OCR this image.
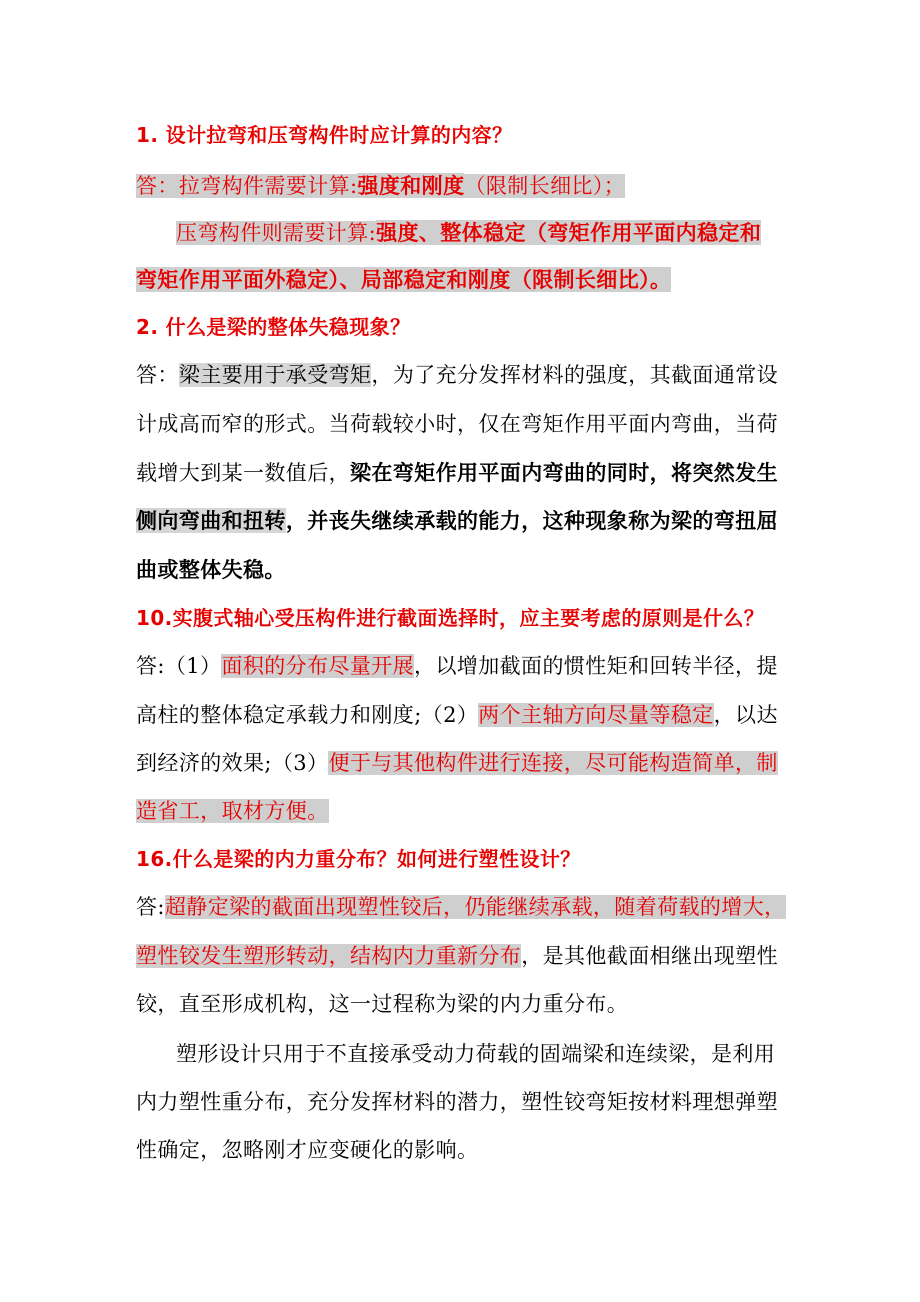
1. 设计拉弯和压弯构件时应计算的内容？
答：拉弯构件需要计算:强度和刚度（限制长细比）；
压弯构件则需要计算:强度、整体稳定（弯矩作用平面内稳定和
弯矩作用平面外稳定）、局部稳定和刚度（限制长细比）。
2. 什么是梁的整体失稳现象？
答：梁主要用于承受弯矩，为了充分发挥材料的强度，其截面通常设
计成高而窄的形式。当荷载较小时，仅在弯矩作用平面内弯曲，当荷
载增大到某一数值后，梁在弯矩作用平面内弯曲的同时，将突然发生
侧向弯曲和扭转，并丧失继续承载的能力，这种现象称为梁的弯扭屈
曲或整体失稳。
10.实腹式轴心受压构件进行截面选择时，应主要考虑的原则是什么？
答:（1）面积的分布尽量开展，以增加截面的惯性矩和回转半径，提
高柱的整体稳定承载力和刚度;（2）两个主轴方向尽量等稳定，以达
到经济的效果;（3）便于与其他构件进行连接，尽可能构造简单，制
造省工，取材方便。
16.什么是梁的内力重分布？如何进行塑性设计？
答:超静定梁的截面出现塑性铰后，仍能继续承载，随着荷载的增大，
塑性铰发生塑形转动，结构内力重新分布，是其他截面相继出现塑性
铰，直至形成机构，这一过程称为梁的内力重分布。
塑形设计只用于不直接承受动力荷载的固端梁和连续梁，是利用
内力塑性重分布，充分发挥材料的潜力，塑性铰弯矩按材料理想弹塑
性确定，忽略刚才应变硬化的影响。
